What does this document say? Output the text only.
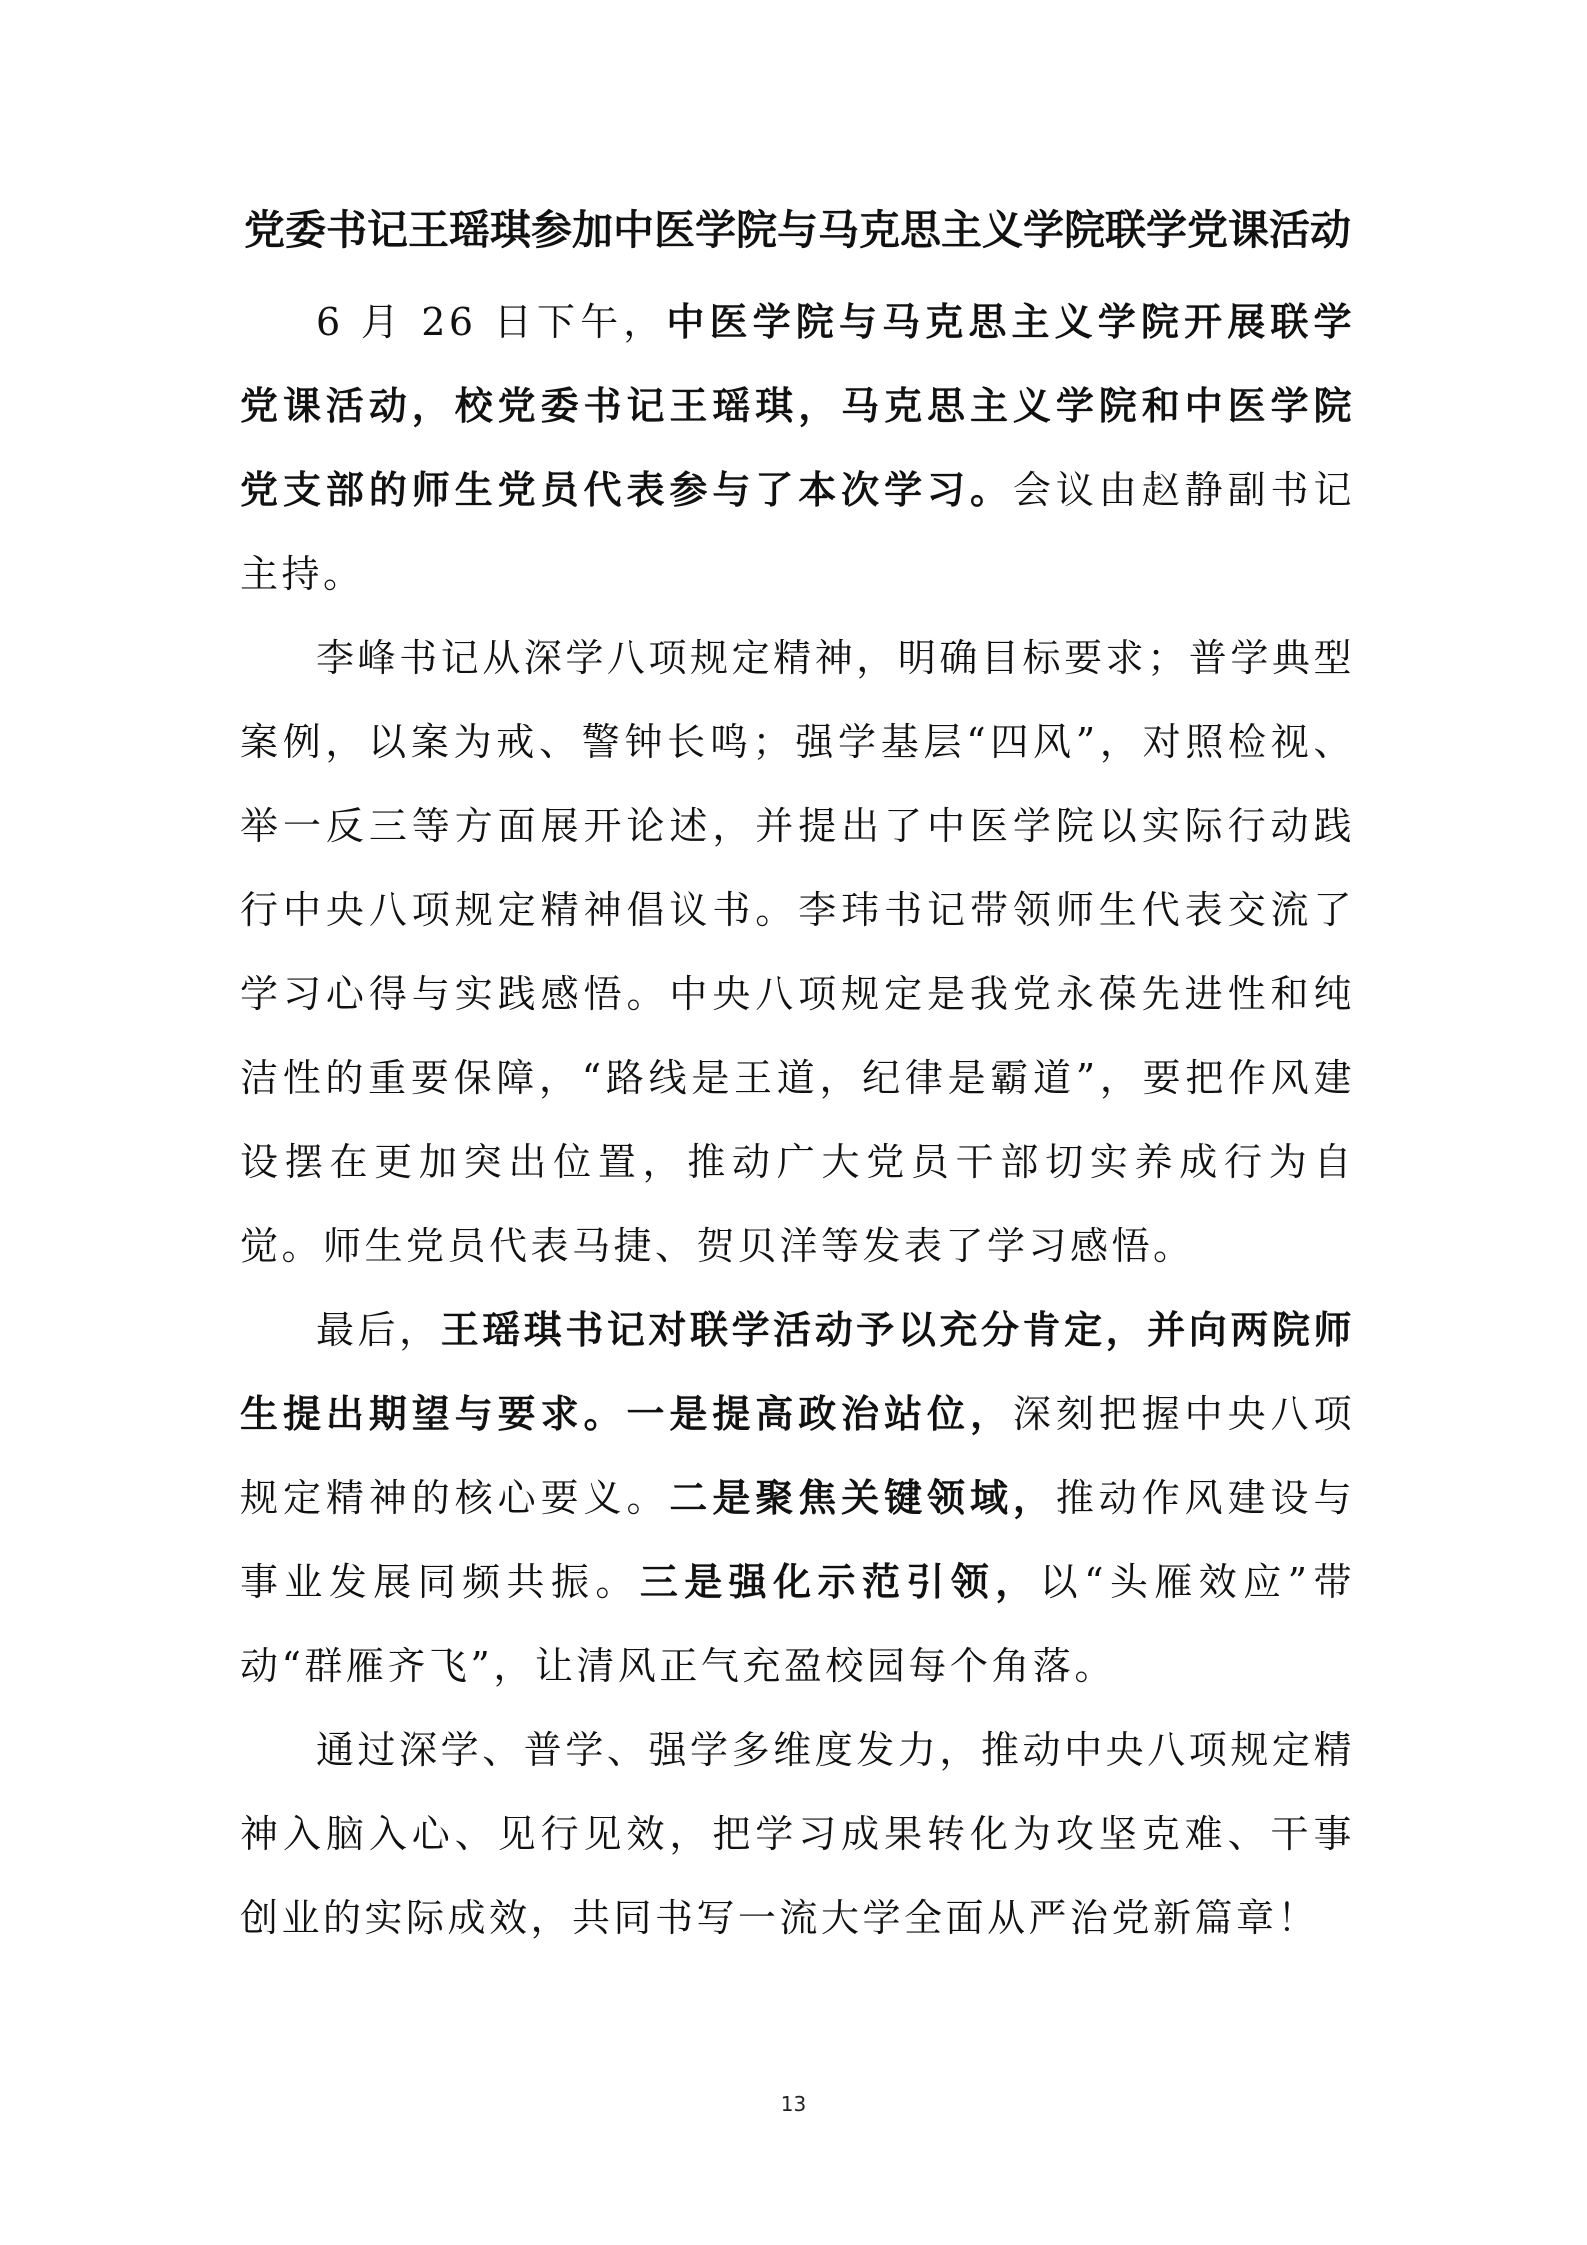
党委书记王瑶琪参加中医学院与马克思主义学院联学党课活动

6 月 26 日下午，中医学院与马克思主义学院开展联学党课活动，校党委书记王瑶琪，马克思主义学院和中医学院党支部的师生党员代表参与了本次学习。会议由赵静副书记主持。

李峰书记从深学八项规定精神，明确目标要求；普学典型案例，以案为戒、警钟长鸣；强学基层“四风”，对照检视、举一反三等方面展开论述，并提出了中医学院以实际行动践行中央八项规定精神倡议书。李玮书记带领师生代表交流了学习心得与实践感悟。中央八项规定是我党永葆先进性和纯洁性的重要保障，“路线是王道，纪律是霸道”，要把作风建设摆在更加突出位置，推动广大党员干部切实养成行为自觉。师生党员代表马捷、贺贝洋等发表了学习感悟。

最后，王瑶琪书记对联学活动予以充分肯定，并向两院师生提出期望与要求。一是提高政治站位，深刻把握中央八项规定精神的核心要义。二是聚焦关键领域，推动作风建设与事业发展同频共振。三是强化示范引领，以“头雁效应”带动“群雁齐飞”，让清风正气充盈校园每个角落。

通过深学、普学、强学多维度发力，推动中央八项规定精神入脑入心、见行见效，把学习成果转化为攻坚克难、干事创业的实际成效，共同书写一流大学全面从严治党新篇章！

13
